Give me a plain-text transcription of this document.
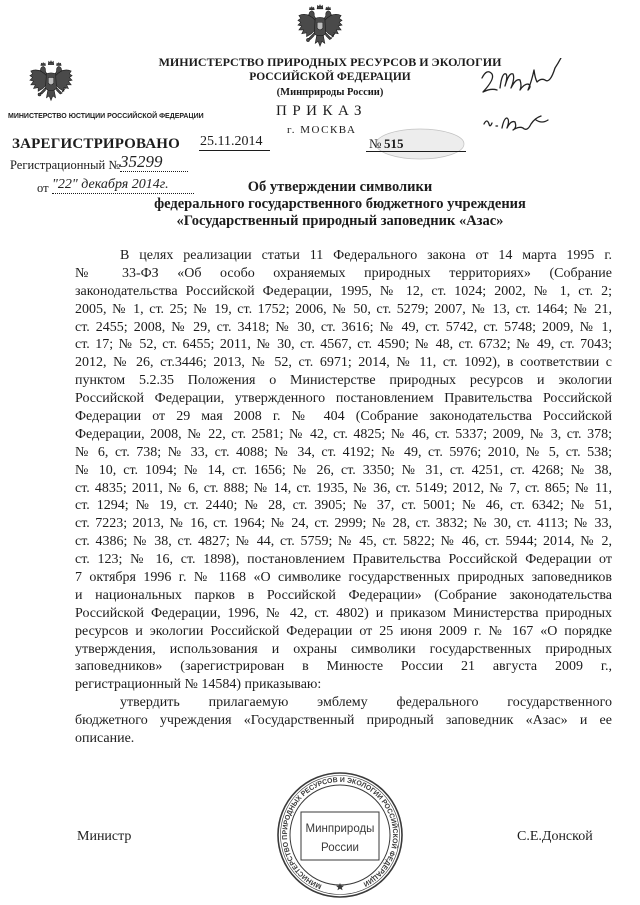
МИНИСТЕРСТВО ПРИРОДНЫХ РЕСУРСОВ И ЭКОЛОГИИ
РОССИЙСКОЙ ФЕДЕРАЦИИ
(Минприроды России)
ПРИКАЗ
г. МОСКВА
25.11.2014	№ 515
МИНИСТЕРСТВО ЮСТИЦИИ РОССИЙСКОЙ ФЕДЕРАЦИИ
ЗАРЕГИСТРИРОВАНО
Регистрационный № 35299
от "22" декабря 2014г.	Об утверждении символики
федерального государственного бюджетного учреждения
«Государственный природный заповедник «Азас»
В целях реализации статьи 11 Федерального закона от 14 марта 1995 г.
№ 33-ФЗ «Об особо охраняемых природных территориях» (Собрание
законодательства Российской Федерации, 1995, № 12, ст. 1024; 2002, № 1, ст. 2;
2005, № 1, ст. 25; № 19, ст. 1752; 2006, № 50, ст. 5279; 2007, № 13, ст. 1464; № 21,
ст. 2455; 2008, № 29, ст. 3418; № 30, ст. 3616; № 49, ст. 5742, ст. 5748; 2009, № 1,
ст. 17; № 52, ст. 6455; 2011, № 30, ст. 4567, ст. 4590; № 48, ст. 6732; № 49, ст. 7043;
2012, № 26, ст.3446; 2013, № 52, ст. 6971; 2014, № 11, ст. 1092), в соответствии с
пунктом 5.2.35 Положения о Министерстве природных ресурсов и экологии
Российской Федерации, утвержденного постановлением Правительства Российской
Федерации от 29 мая 2008 г. № 404 (Собрание законодательства Российской
Федерации, 2008, № 22, ст. 2581; № 42, ст. 4825; № 46, ст. 5337; 2009, № 3, ст. 378;
№ 6, ст. 738; № 33, ст. 4088; № 34, ст. 4192; № 49, ст. 5976; 2010, № 5, ст. 538;
№ 10, ст. 1094; № 14, ст. 1656; № 26, ст. 3350; № 31, ст. 4251, ст. 4268; № 38,
ст. 4835; 2011, № 6, ст. 888; № 14, ст. 1935, № 36, ст. 5149; 2012, № 7, ст. 865; № 11,
ст. 1294; № 19, ст. 2440; № 28, ст. 3905; № 37, ст. 5001; № 46, ст. 6342; № 51,
ст. 7223; 2013, № 16, ст. 1964; № 24, ст. 2999; № 28, ст. 3832; № 30, ст. 4113; № 33,
ст. 4386; № 38, ст. 4827; № 44, ст. 5759; № 45, ст. 5822; № 46, ст. 5944; 2014, № 2,
ст. 123; № 16, ст. 1898), постановлением Правительства Российской Федерации от
7 октября 1996 г. № 1168 «О символике государственных природных заповедников
и национальных парков в Российской Федерации» (Собрание законодательства
Российской Федерации, 1996, № 42, ст. 4802) и приказом Министерства природных
ресурсов и экологии Российской Федерации от 25 июня 2009 г. № 167 «О порядке
утверждения, использования и охраны символики государственных природных
заповедников» (зарегистрирован в Минюсте России 21 августа 2009 г.,
регистрационный № 14584) приказываю:
утвердить прилагаемую эмблему федерального государственного
бюджетного учреждения «Государственный природный заповедник «Азас» и ее
описание.
Министр	С.Е.Донской
МИНИСТЕРСТВО ПРИРОДНЫХ РЕСУРСОВ И ЭКОЛОГИИ РОССИЙСКОЙ ФЕДЕРАЦИИ
Минприроды
России
